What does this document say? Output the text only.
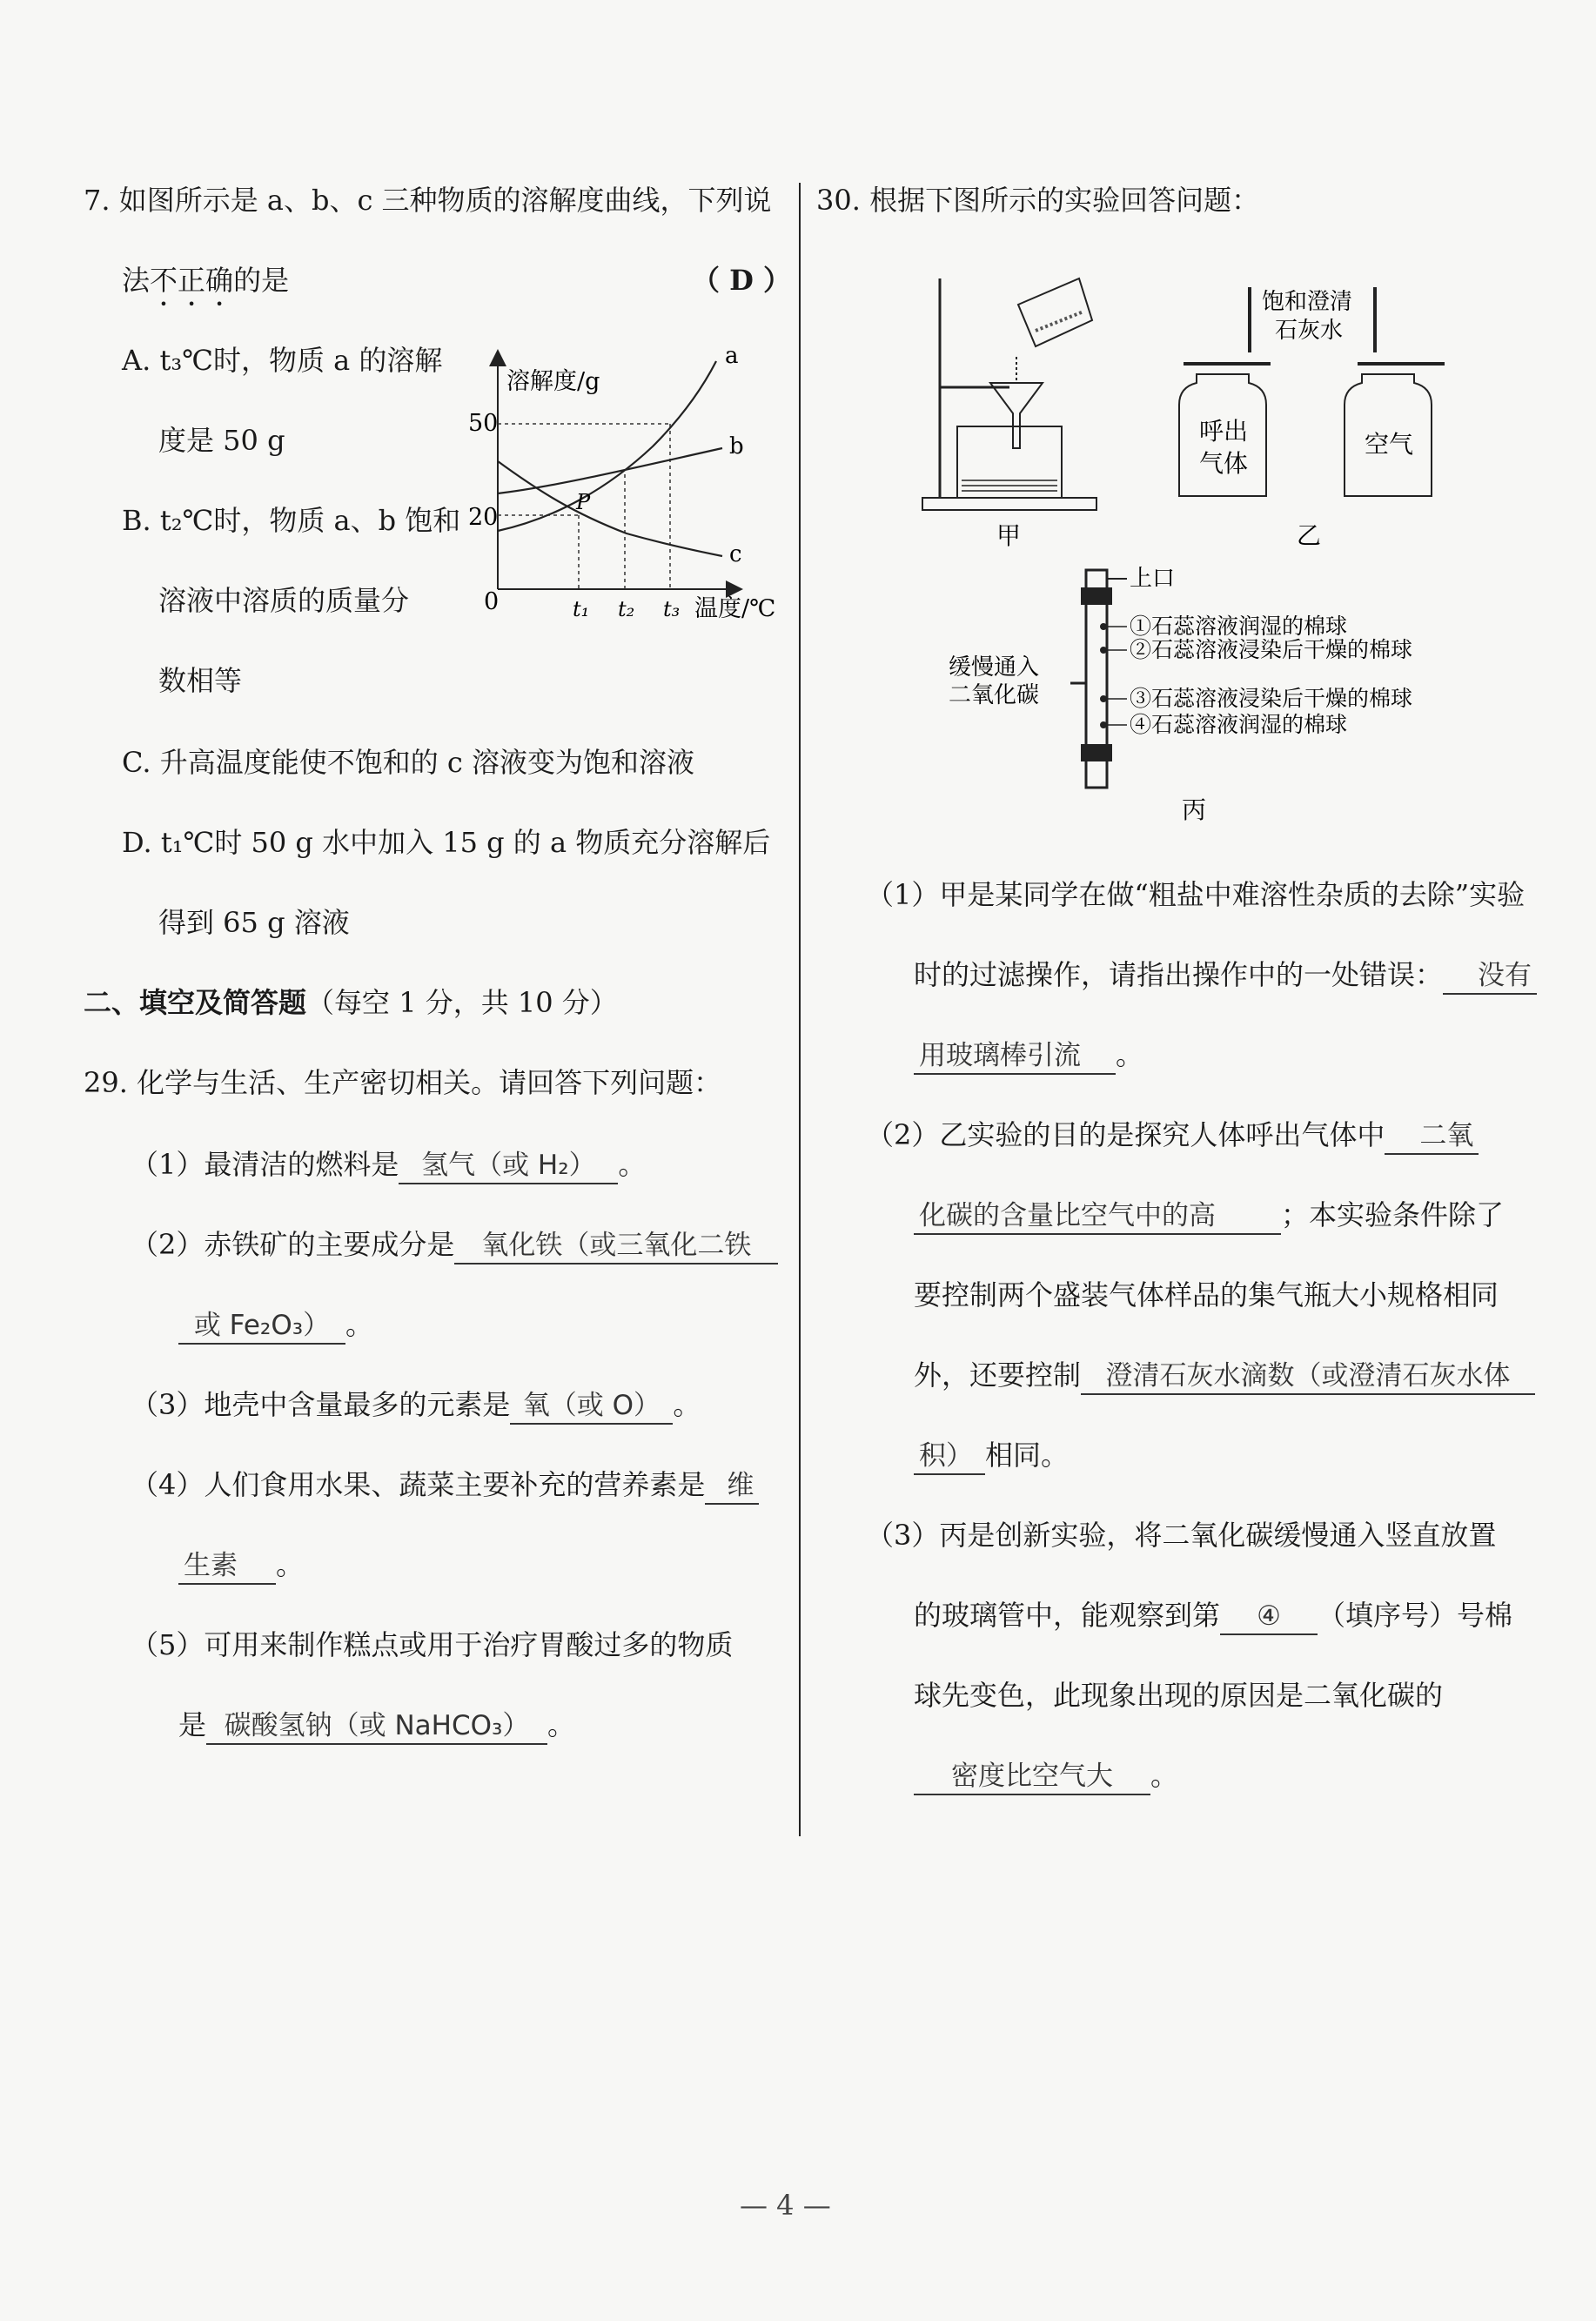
7. 如图所示是 a、b、c 三种物质的溶解度曲线，下列说
法不正确的是	（ D ）
A. t₃℃时，物质 a 的溶解
度是 50 g
B. t₂℃时，物质 a、b 饱和
溶液中溶质的质量分
数相等
C. 升高温度能使不饱和的 c 溶液变为饱和溶液
D. t₁℃时 50 g 水中加入 15 g 的 a 物质充分溶解后
得到 65 g 溶液
溶解度/g
温度/℃
0
50
20
t₁ t₂ t₃
a
b
c
P
二、填空及简答题（每空 1 分，共 10 分）
29. 化学与生活、生产密切相关。请回答下列问题：
（1）最清洁的燃料是 氢气（或 H₂） 。
（2）赤铁矿的主要成分是 氧化铁（或三氧化二铁
或 Fe₂O₃） 。
（3）地壳中含量最多的元素是 氧（或 O） 。
（4）人们食用水果、蔬菜主要补充的营养素是 维
生素 。
（5）可用来制作糕点或用于治疗胃酸过多的物质
是 碳酸氢钠（或 NaHCO₃） 。
30. 根据下图所示的实验回答问题：
甲
饱和澄清
石灰水
呼出
气体
空气
乙
上口
缓慢通入
二氧化碳
①石蕊溶液润湿的棉球
②石蕊溶液浸染后干燥的棉球
③石蕊溶液浸染后干燥的棉球
④石蕊溶液润湿的棉球
丙
（1）甲是某同学在做“粗盐中难溶性杂质的去除”实验
时的过滤操作，请指出操作中的一处错误： 没有
用玻璃棒引流 。
（2）乙实验的目的是探究人体呼出气体中 二氧
化碳的含量比空气中的高 ；本实验条件除了
要控制两个盛装气体样品的集气瓶大小规格相同
外，还要控制 澄清石灰水滴数（或澄清石灰水体
积） 相同。
（3）丙是创新实验，将二氧化碳缓慢通入竖直放置
的玻璃管中，能观察到第 ④ （填序号）号棉
球先变色，此现象出现的原因是二氧化碳的
密度比空气大 。
— 4 —
